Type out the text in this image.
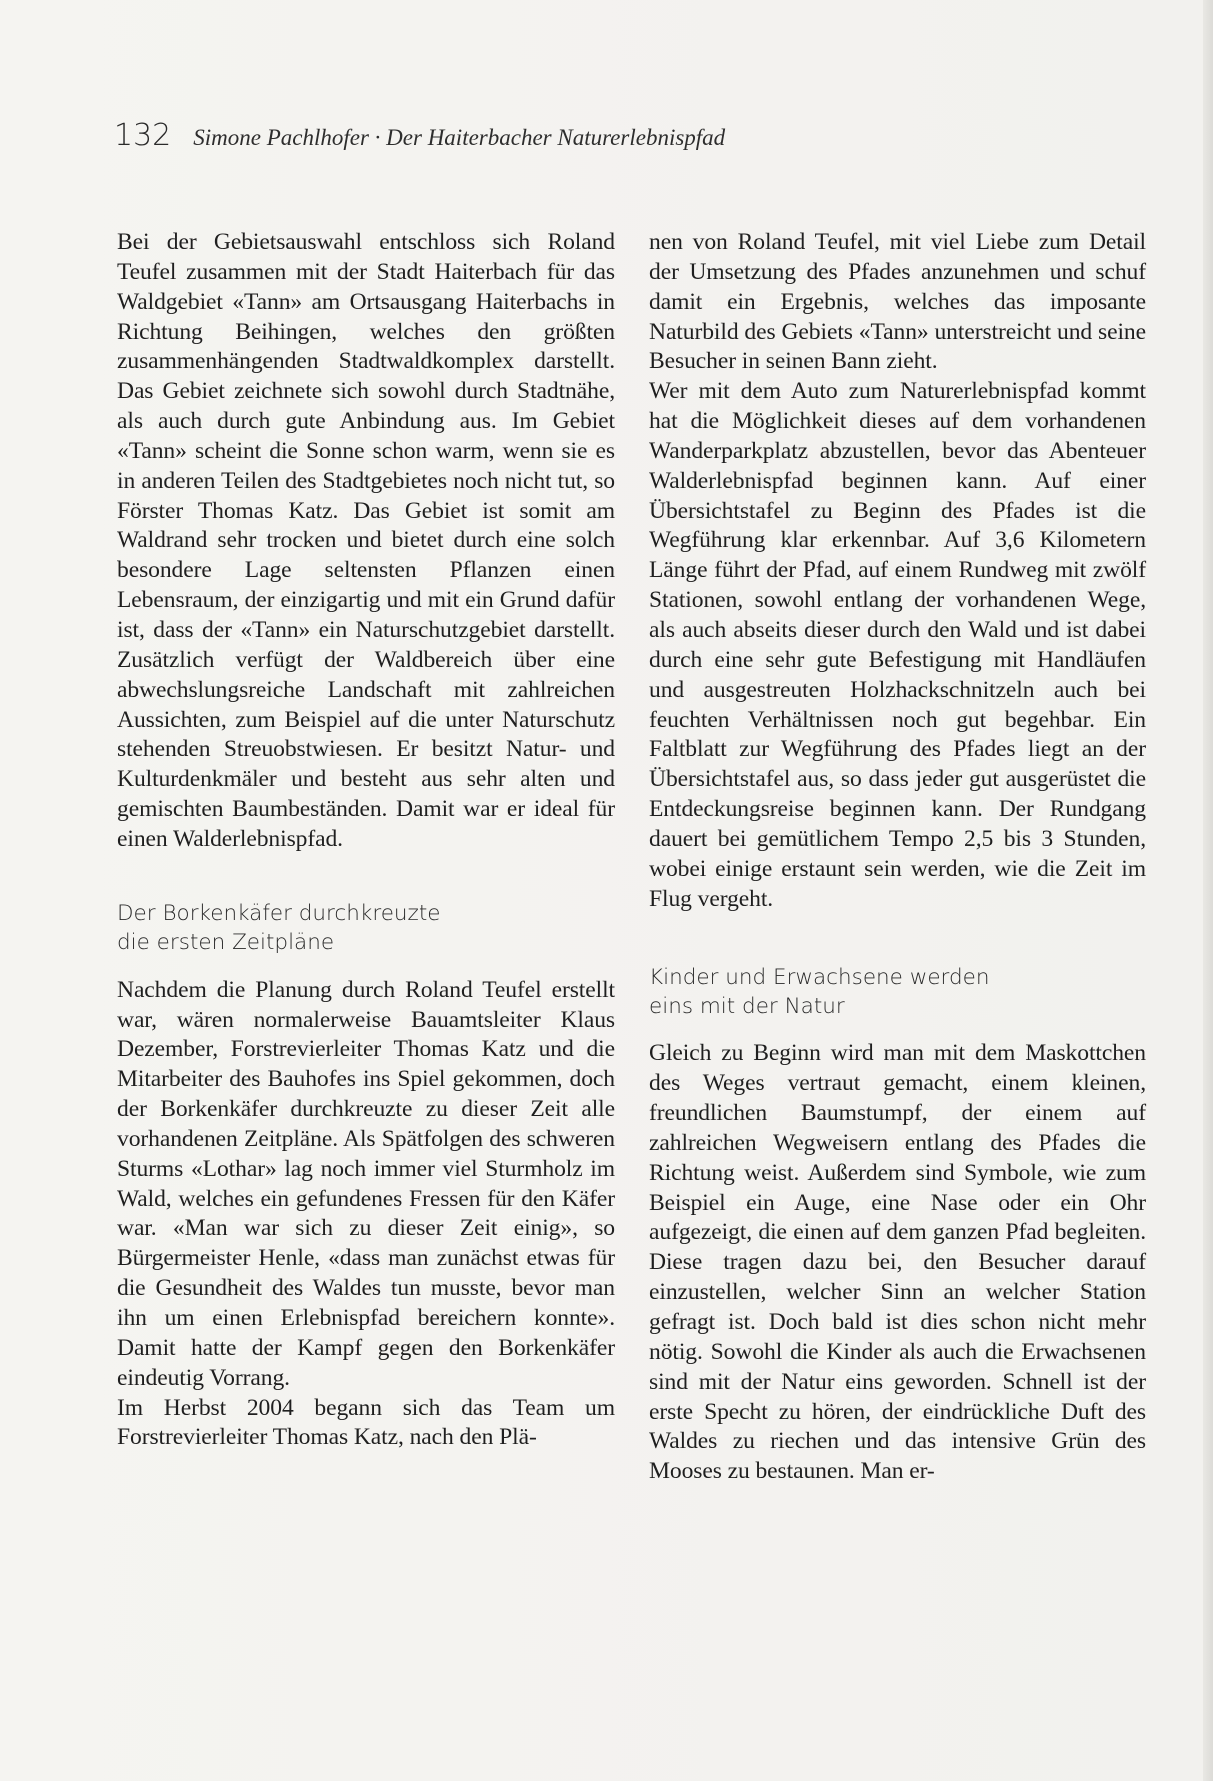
132 Simone Pachlhofer · Der Haiterbacher Naturerlebnispfad

Bei der Gebietsauswahl entschloss sich Roland Teufel zusammen mit der Stadt Haiterbach für das Waldgebiet «Tann» am Ortsausgang Haiterbachs in Richtung Beihingen, welches den größten zusammenhängenden Stadtwaldkomplex darstellt. Das Gebiet zeichnete sich sowohl durch Stadtnähe, als auch durch gute Anbindung aus. Im Gebiet «Tann» scheint die Sonne schon warm, wenn sie es in anderen Teilen des Stadtgebietes noch nicht tut, so Förster Thomas Katz. Das Gebiet ist somit am Waldrand sehr trocken und bietet durch eine solch besondere Lage seltensten Pflanzen einen Lebensraum, der einzigartig und mit ein Grund dafür ist, dass der «Tann» ein Naturschutzgebiet darstellt. Zusätzlich verfügt der Waldbereich über eine abwechslungsreiche Landschaft mit zahlreichen Aussichten, zum Beispiel auf die unter Naturschutz stehenden Streuobstwiesen. Er besitzt Natur- und Kulturdenkmäler und besteht aus sehr alten und gemischten Baumbeständen. Damit war er ideal für einen Walderlebnispfad.

Der Borkenkäfer durchkreuzte
die ersten Zeitpläne

Nachdem die Planung durch Roland Teufel erstellt war, wären normalerweise Bauamtsleiter Klaus Dezember, Forstrevierleiter Thomas Katz und die Mitarbeiter des Bauhofes ins Spiel gekommen, doch der Borkenkäfer durchkreuzte zu dieser Zeit alle vorhandenen Zeitpläne. Als Spätfolgen des schweren Sturms «Lothar» lag noch immer viel Sturmholz im Wald, welches ein gefundenes Fressen für den Käfer war. «Man war sich zu dieser Zeit einig», so Bürgermeister Henle, «dass man zunächst etwas für die Gesundheit des Waldes tun musste, bevor man ihn um einen Erlebnispfad bereichern konnte». Damit hatte der Kampf gegen den Borkenkäfer eindeutig Vorrang.

Im Herbst 2004 begann sich das Team um Forstrevierleiter Thomas Katz, nach den Plä-

nen von Roland Teufel, mit viel Liebe zum Detail der Umsetzung des Pfades anzunehmen und schuf damit ein Ergebnis, welches das imposante Naturbild des Gebiets «Tann» unterstreicht und seine Besucher in seinen Bann zieht.

Wer mit dem Auto zum Naturerlebnispfad kommt hat die Möglichkeit dieses auf dem vorhandenen Wanderparkplatz abzustellen, bevor das Abenteuer Walderlebnispfad beginnen kann. Auf einer Übersichtstafel zu Beginn des Pfades ist die Wegführung klar erkennbar. Auf 3,6 Kilometern Länge führt der Pfad, auf einem Rundweg mit zwölf Stationen, sowohl entlang der vorhandenen Wege, als auch abseits dieser durch den Wald und ist dabei durch eine sehr gute Befestigung mit Handläufen und ausgestreuten Holzhackschnitzeln auch bei feuchten Verhältnissen noch gut begehbar. Ein Faltblatt zur Wegführung des Pfades liegt an der Übersichtstafel aus, so dass jeder gut ausgerüstet die Entdeckungsreise beginnen kann. Der Rundgang dauert bei gemütlichem Tempo 2,5 bis 3 Stunden, wobei einige erstaunt sein werden, wie die Zeit im Flug vergeht.

Kinder und Erwachsene werden
eins mit der Natur

Gleich zu Beginn wird man mit dem Maskottchen des Weges vertraut gemacht, einem kleinen, freundlichen Baumstumpf, der einem auf zahlreichen Wegweisern entlang des Pfades die Richtung weist. Außerdem sind Symbole, wie zum Beispiel ein Auge, eine Nase oder ein Ohr aufgezeigt, die einen auf dem ganzen Pfad begleiten. Diese tragen dazu bei, den Besucher darauf einzustellen, welcher Sinn an welcher Station gefragt ist. Doch bald ist dies schon nicht mehr nötig. Sowohl die Kinder als auch die Erwachsenen sind mit der Natur eins geworden. Schnell ist der erste Specht zu hören, der eindrückliche Duft des Waldes zu riechen und das intensive Grün des Mooses zu bestaunen. Man er-
